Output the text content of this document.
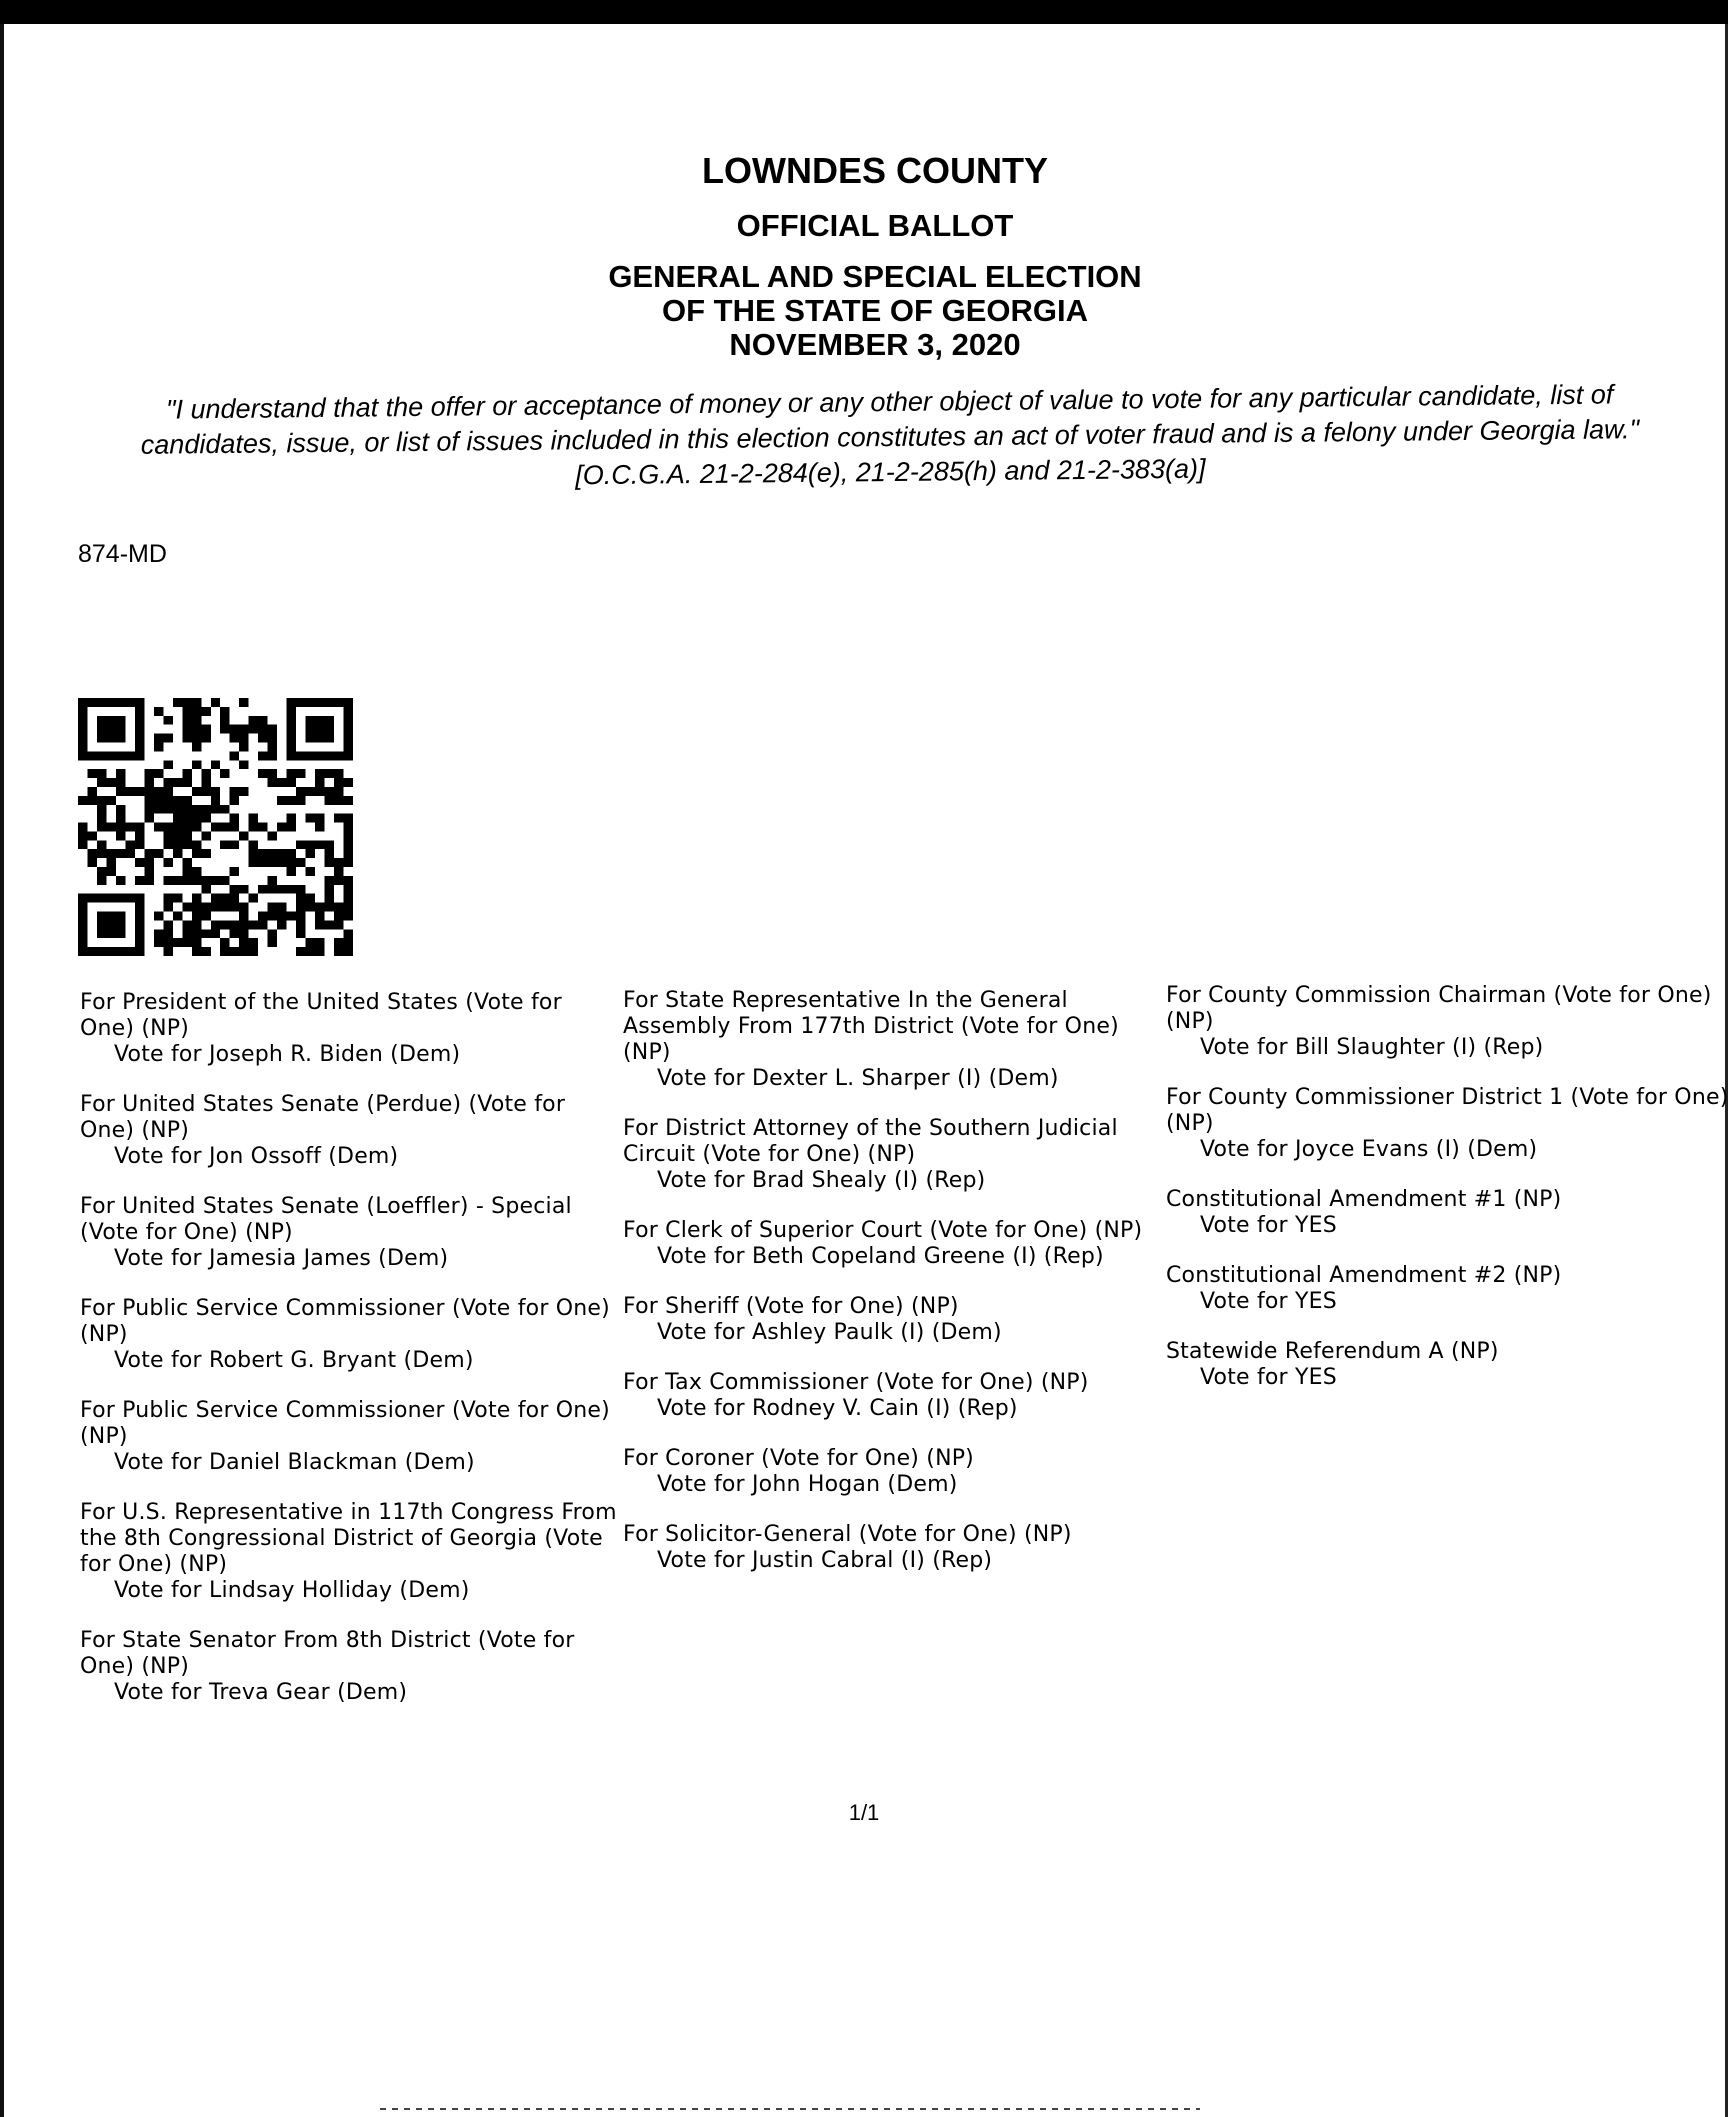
LOWNDES COUNTY
OFFICIAL BALLOT
GENERAL AND SPECIAL ELECTION
OF THE STATE OF GEORGIA
NOVEMBER 3, 2020
"I understand that the offer or acceptance of money or any other object of value to vote for any particular candidate, list of candidates, issue, or list of issues included in this election constitutes an act of voter fraud and is a felony under Georgia law." [O.C.G.A. 21-2-284(e), 21-2-285(h) and 21-2-383(a)]
874-MD
For President of the United States (Vote for One) (NP)
Vote for Joseph R. Biden (Dem)
For United States Senate (Perdue) (Vote for One) (NP)
Vote for Jon Ossoff (Dem)
For United States Senate (Loeffler) - Special (Vote for One) (NP)
Vote for Jamesia James (Dem)
For Public Service Commissioner (Vote for One) (NP)
Vote for Robert G. Bryant (Dem)
For Public Service Commissioner (Vote for One) (NP)
Vote for Daniel Blackman (Dem)
For U.S. Representative in 117th Congress From the 8th Congressional District of Georgia (Vote for One) (NP)
Vote for Lindsay Holliday (Dem)
For State Senator From 8th District (Vote for One) (NP)
Vote for Treva Gear (Dem)
For State Representative In the General Assembly From 177th District (Vote for One) (NP)
Vote for Dexter L. Sharper (I) (Dem)
For District Attorney of the Southern Judicial Circuit (Vote for One) (NP)
Vote for Brad Shealy (I) (Rep)
For Clerk of Superior Court (Vote for One) (NP)
Vote for Beth Copeland Greene (I) (Rep)
For Sheriff (Vote for One) (NP)
Vote for Ashley Paulk (I) (Dem)
For Tax Commissioner (Vote for One) (NP)
Vote for Rodney V. Cain (I) (Rep)
For Coroner (Vote for One) (NP)
Vote for John Hogan (Dem)
For Solicitor-General (Vote for One) (NP)
Vote for Justin Cabral (I) (Rep)
For County Commission Chairman (Vote for One) (NP)
Vote for Bill Slaughter (I) (Rep)
For County Commissioner District 1 (Vote for One) (NP)
Vote for Joyce Evans (I) (Dem)
Constitutional Amendment #1 (NP)
Vote for YES
Constitutional Amendment #2 (NP)
Vote for YES
Statewide Referendum A (NP)
Vote for YES
1/1
